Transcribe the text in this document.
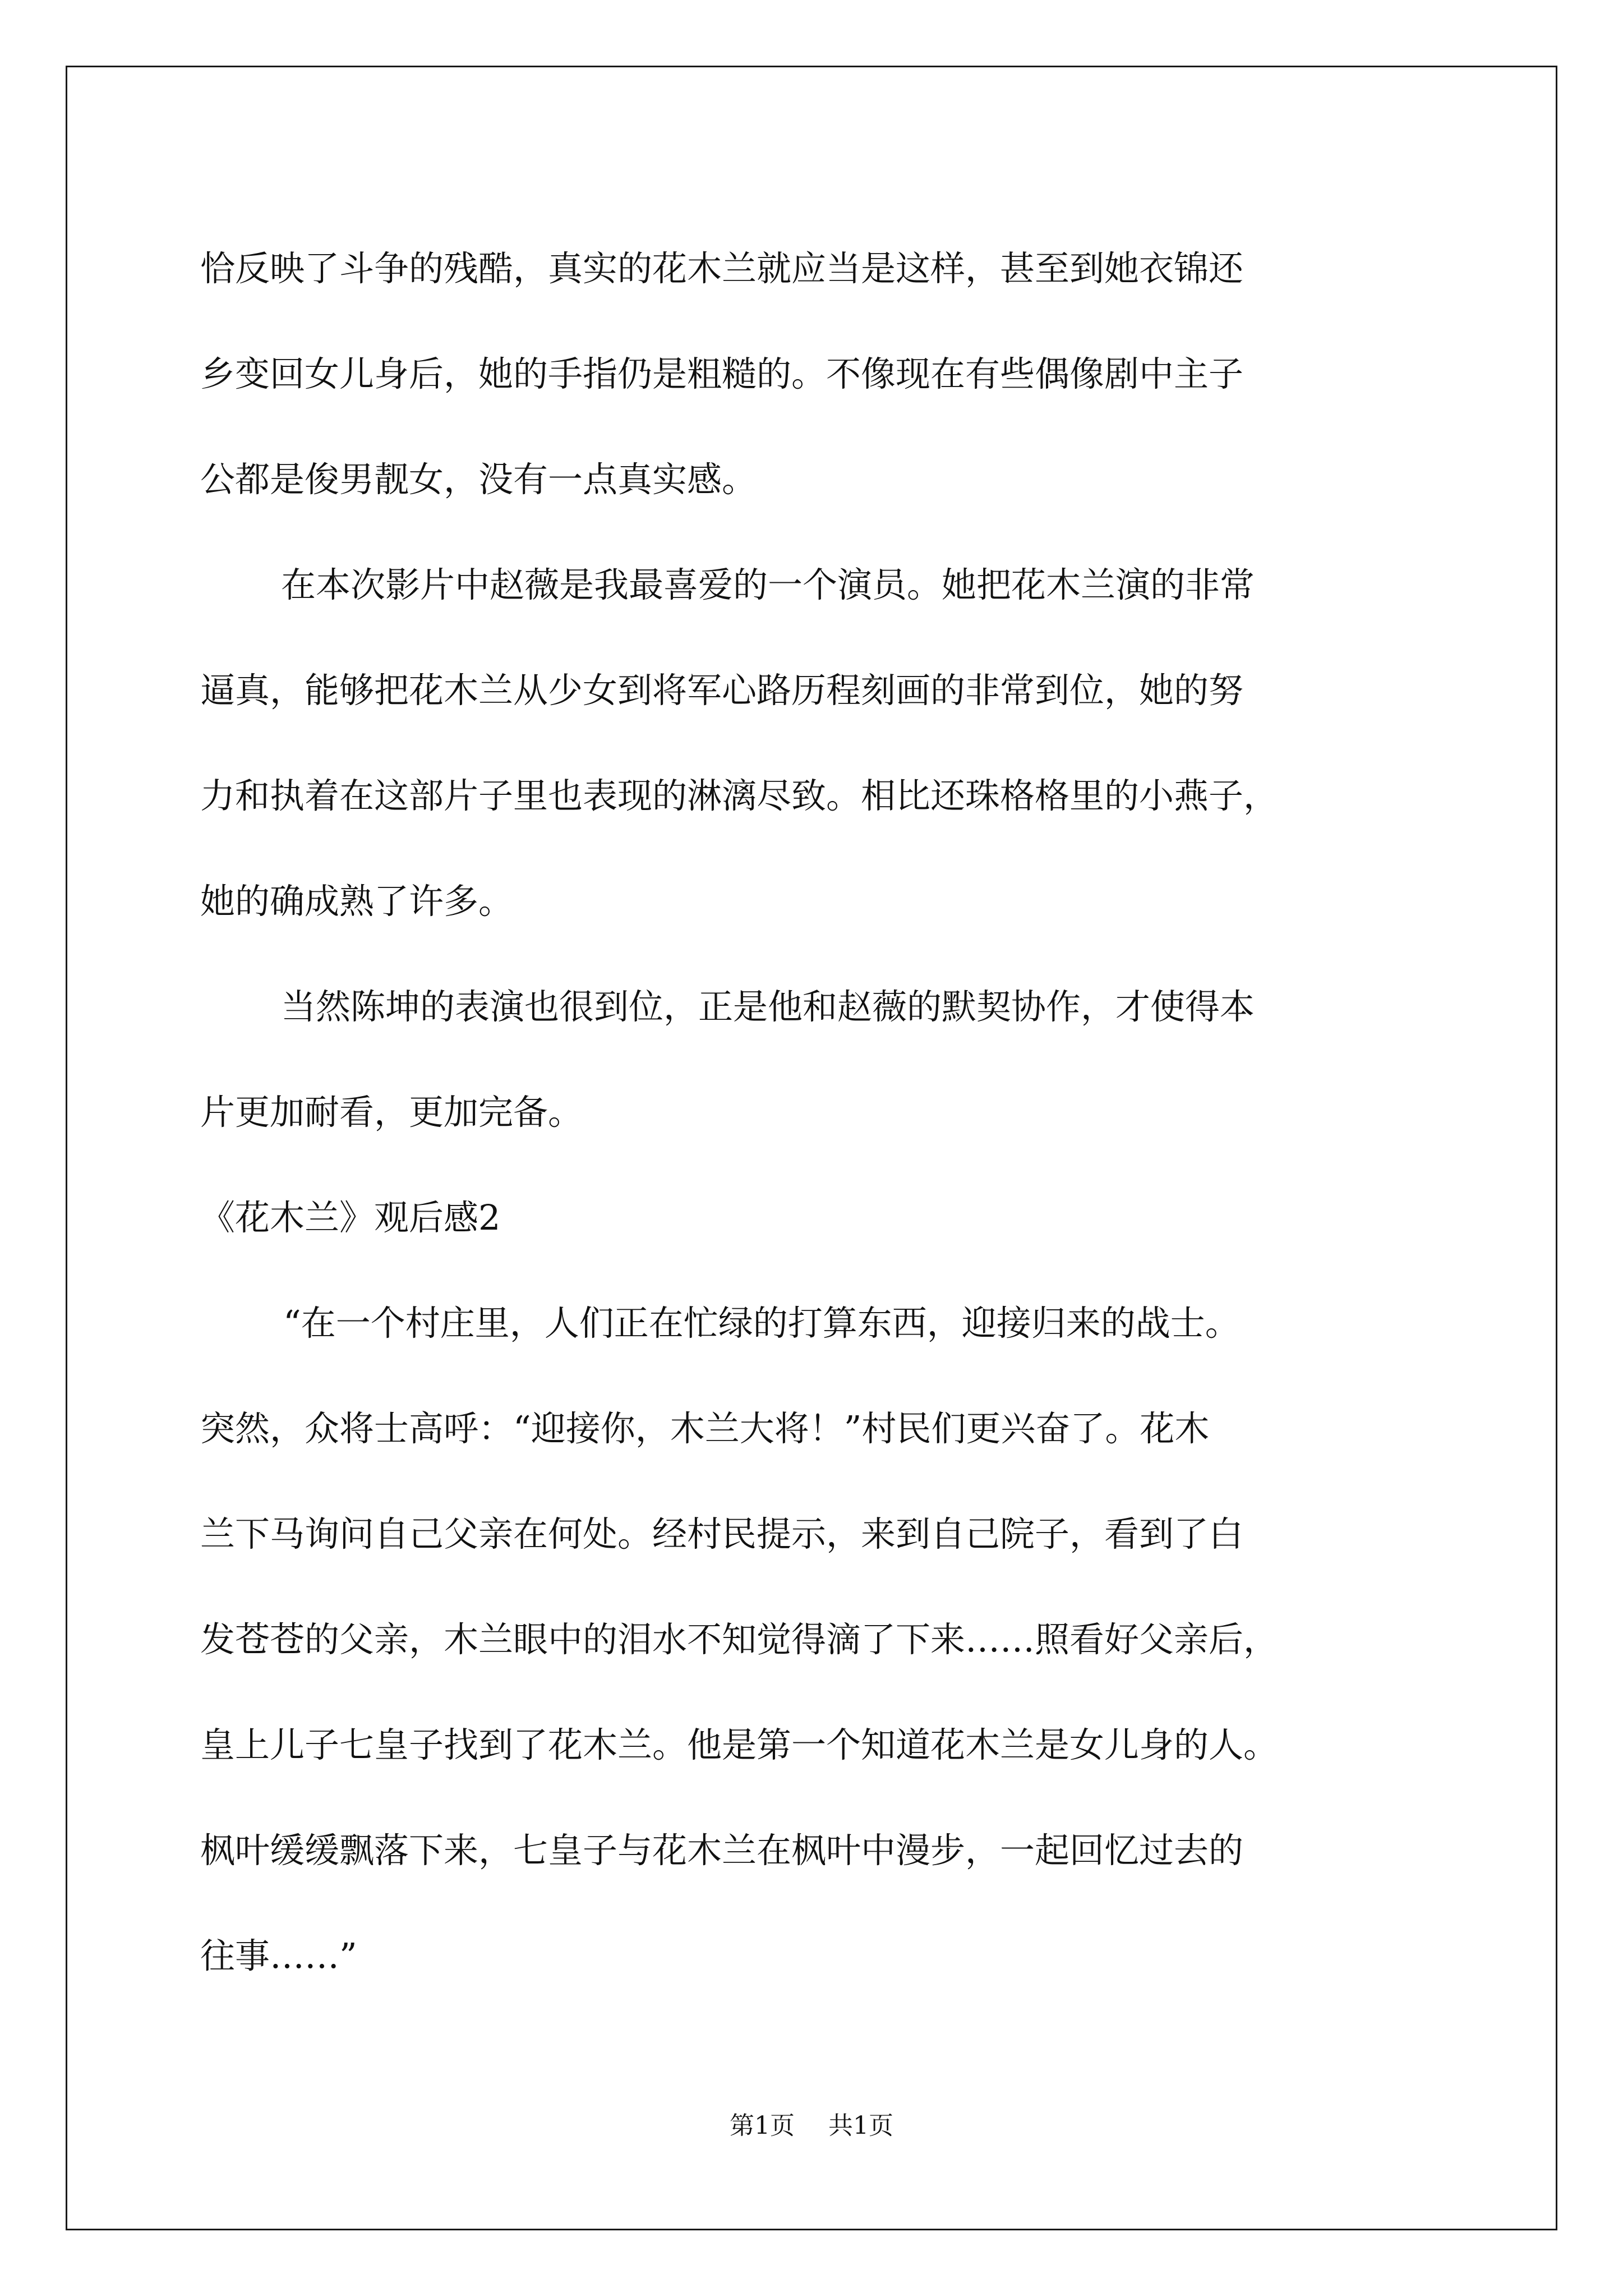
恰反映了斗争的残酷，真实的花木兰就应当是这样，甚至到她衣锦还
乡变回女儿身后，她的手指仍是粗糙的。不像现在有些偶像剧中主子
公都是俊男靓女，没有一点真实感。
在本次影片中赵薇是我最喜爱的一个演员。她把花木兰演的非常
逼真，能够把花木兰从少女到将军心路历程刻画的非常到位，她的努
力和执着在这部片子里也表现的淋漓尽致。相比还珠格格里的小燕子，
她的确成熟了许多。
当然陈坤的表演也很到位，正是他和赵薇的默契协作，才使得本
片更加耐看，更加完备。
《花木兰》观后感2
“在一个村庄里，人们正在忙绿的打算东西，迎接归来的战士。
突然，众将士高呼：“迎接你，木兰大将！”村民们更兴奋了。花木
兰下马询问自己父亲在何处。经村民提示，来到自己院子，看到了白
发苍苍的父亲，木兰眼中的泪水不知觉得滴了下来……照看好父亲后，
皇上儿子七皇子找到了花木兰。他是第一个知道花木兰是女儿身的人。
枫叶缓缓飘落下来，七皇子与花木兰在枫叶中漫步，一起回忆过去的
往事……”
第1页 共1页
